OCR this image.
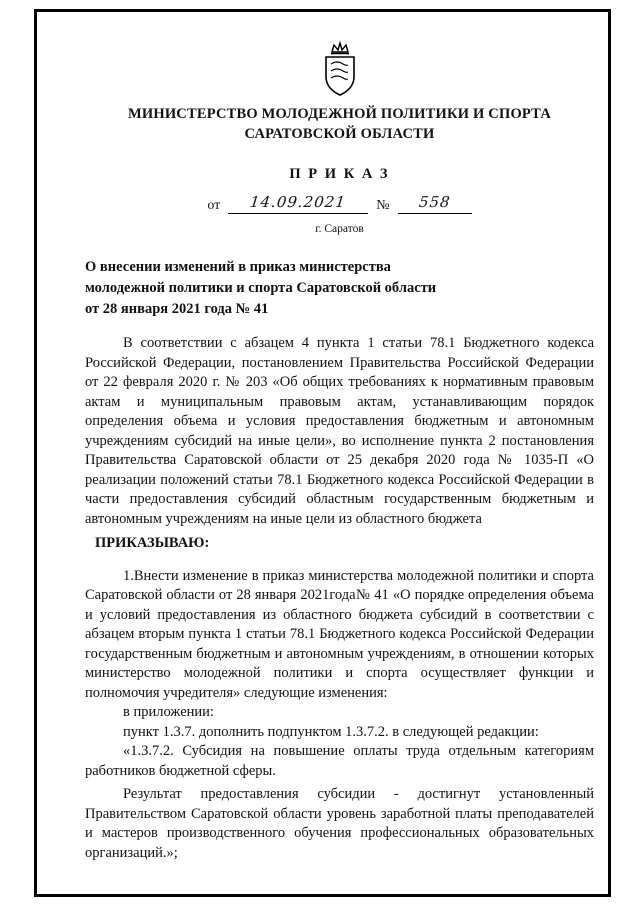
МИНИСТЕРСТВО МОЛОДЕЖНОЙ ПОЛИТИКИ И СПОРТА
САРАТОВСКОЙ ОБЛАСТИ
П Р И К А З
от	14.09.2021	№	558
г. Саратов
О внесении изменений в приказ министерства молодежной политики и спорта Саратовской области от 28 января 2021 года № 41

В соответствии с абзацем 4 пункта 1 статьи 78.1 Бюджетного кодекса Российской Федерации, постановлением Правительства Российской Федерации от 22 февраля 2020 г. № 203 «Об общих требованиях к нормативным правовым актам и муниципальным правовым актам, устанавливающим порядок определения объема и условия предоставления бюджетным и автономным учреждениям субсидий на иные цели», во исполнение пункта 2 постановления Правительства Саратовской области от 25 декабря 2020 года № 1035-П «О реализации положений статьи 78.1 Бюджетного кодекса Российской Федерации в части предоставления субсидий областным государственным бюджетным и автономным учреждениям на иные цели из областного бюджета

ПРИКАЗЫВАЮ:

1.Внести изменение в приказ министерства молодежной политики и спорта Саратовской области от 28 января 2021года№ 41 «О порядке определения объема и условий предоставления из областного бюджета субсидий в соответствии с абзацем вторым пункта 1 статьи 78.1 Бюджетного кодекса Российской Федерации государственным бюджетным и автономным учреждениям, в отношении которых министерство молодежной политики и спорта осуществляет функции и полномочия учредителя» следующие изменения:

в приложении:

пункт 1.3.7. дополнить подпунктом 1.3.7.2. в следующей редакции:

«1.3.7.2. Субсидия на повышение оплаты труда отдельным категориям работников бюджетной сферы.

Результат предоставления субсидии - достигнут установленный Правительством Саратовской области уровень заработной платы преподавателей и мастеров производственного обучения профессиональных образовательных организаций.»;
